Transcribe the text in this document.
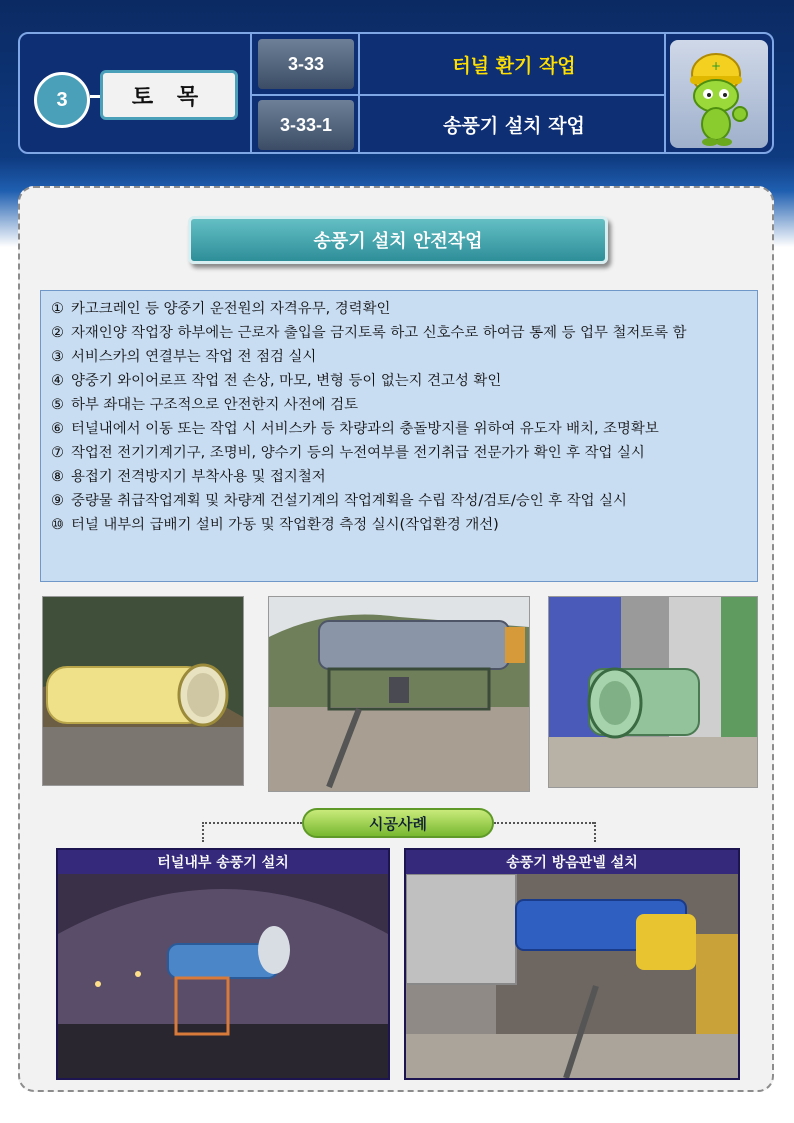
3	토 목
3-33
3-33-1
터널 환기 작업
송풍기 설치 작업
+
송풍기 설치 안전작업
① 카고크레인 등 양중기 운전원의 자격유무, 경력확인
② 자재인양 작업장 하부에는 근로자 출입을 금지토록 하고 신호수로 하여금 통제 등 업무 철저토록 함
③ 서비스카의 연결부는 작업 전 점검 실시
④ 양중기 와이어로프 작업 전 손상, 마모, 변형 등이 없는지 견고성 확인
⑤ 하부 좌대는 구조적으로 안전한지 사전에 검토
⑥ 터널내에서 이동 또는 작업 시 서비스카 등 차량과의 충돌방지를 위하여 유도자 배치, 조명확보
⑦ 작업전 전기기계기구, 조명비, 양수기 등의 누전여부를 전기취급 전문가가 확인 후 작업 실시
⑧ 용접기 전격방지기 부착사용 및 접지철저
⑨ 중량물 취급작업계획 및 차량계 건설기계의 작업계획을 수립 작성/검토/승인 후 작업 실시
⑩ 터널 내부의 급배기 설비 가동 및 작업환경 측정 실시(작업환경 개선)
시공사례
터널내부 송풍기 설치	송풍기 방음판넬 설치
